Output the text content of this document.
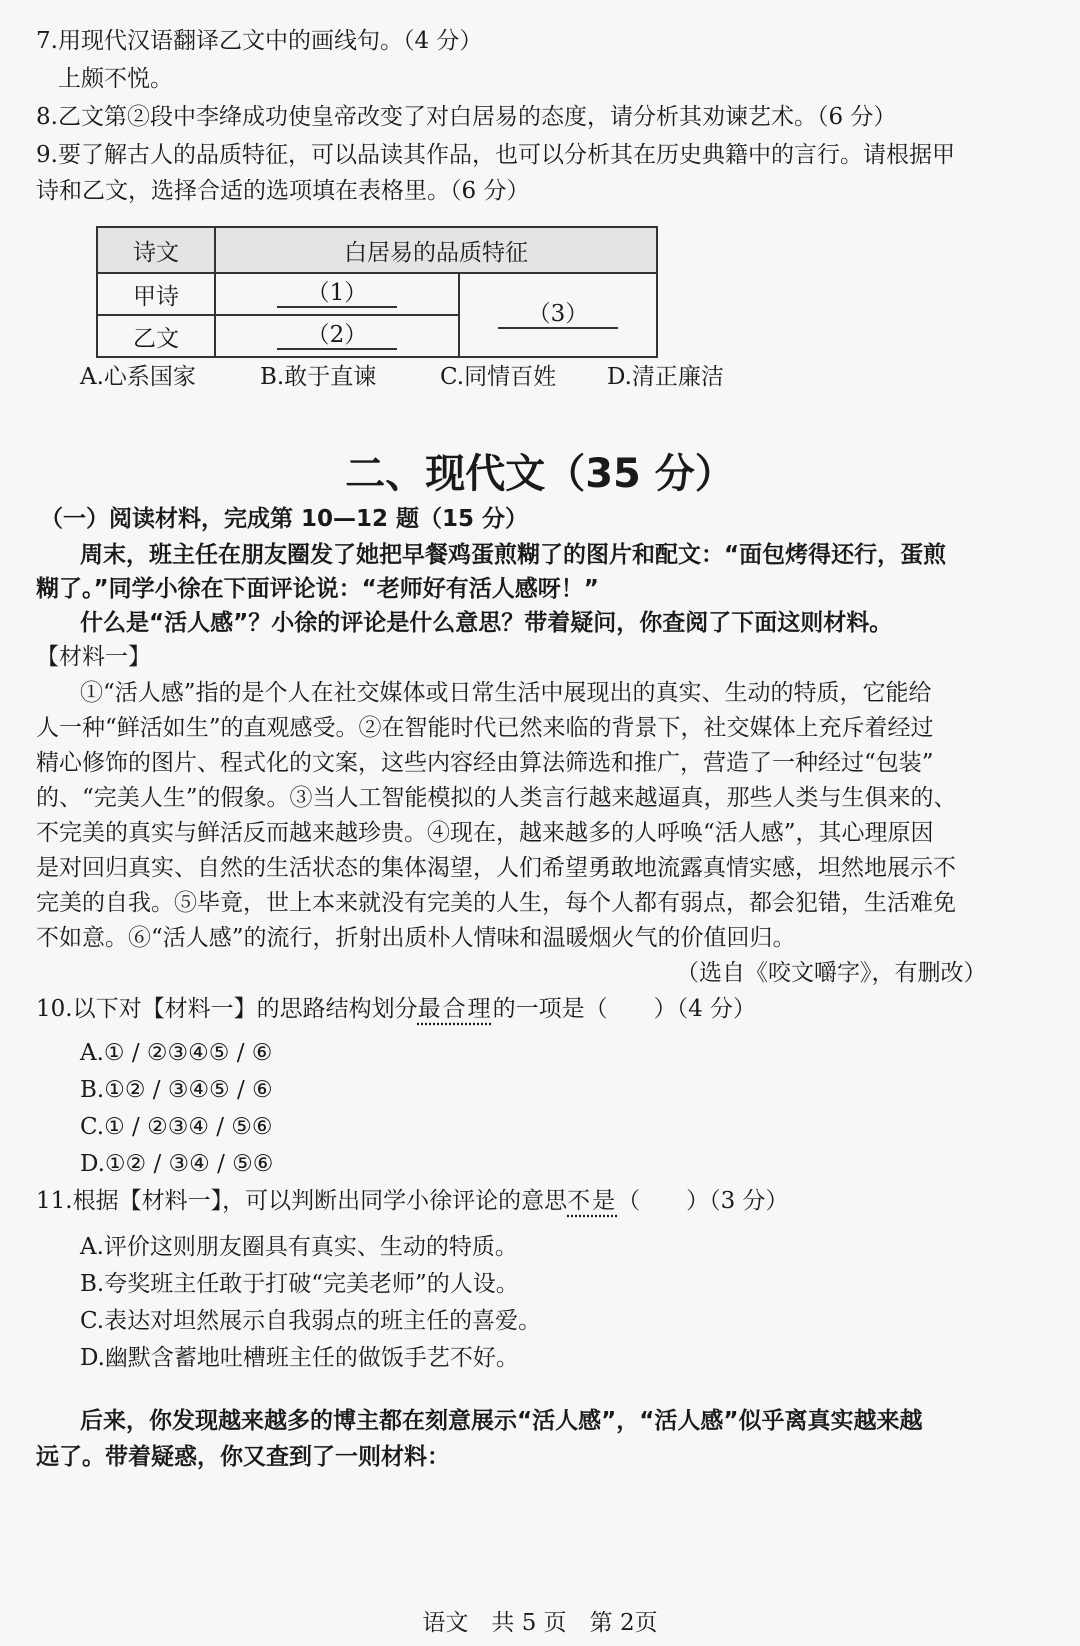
7.用现代汉语翻译乙文中的画线句。（4 分）
上颇不悦。
8.乙文第②段中李绛成功使皇帝改变了对白居易的态度，请分析其劝谏艺术。（6 分）
9.要了解古人的品质特征，可以品读其作品，也可以分析其在历史典籍中的言行。请根据甲
诗和乙文，选择合适的选项填在表格里。（6 分）
诗文	白居易的品质特征	
甲诗	（1）	（3）
乙文	（2）	
A.心系国家	B.敢于直谏	C.同情百姓 D.清正廉洁
二、现代文（35 分）
（一）阅读材料，完成第 10—12 题（15 分）
周末，班主任在朋友圈发了她把早餐鸡蛋煎糊了的图片和配文：“面包烤得还行，蛋煎
糊了。”同学小徐在下面评论说：“老师好有活人感呀！”
什么是“活人感”？小徐的评论是什么意思？带着疑问，你查阅了下面这则材料。
【材料一】
①“活人感”指的是个人在社交媒体或日常生活中展现出的真实、生动的特质，它能给
人一种“鲜活如生”的直观感受。②在智能时代已然来临的背景下，社交媒体上充斥着经过
精心修饰的图片、程式化的文案，这些内容经由算法筛选和推广，营造了一种经过“包装”
的、“完美人生”的假象。③当人工智能模拟的人类言行越来越逼真，那些人类与生俱来的、
不完美的真实与鲜活反而越来越珍贵。④现在，越来越多的人呼唤“活人感”，其心理原因
是对回归真实、自然的生活状态的集体渴望，人们希望勇敢地流露真情实感，坦然地展示不
完美的自我。⑤毕竟，世上本来就没有完美的人生，每个人都有弱点，都会犯错，生活难免
不如意。⑥“活人感”的流行，折射出质朴人情味和温暖烟火气的价值回归。
（选自《咬文嚼字》，有删改）
10.以下对【材料一】的思路结构划分最合理的一项是（　　）（4 分）
A.① / ②③④⑤ / ⑥
B.①② / ③④⑤ / ⑥
C.① / ②③④ / ⑤⑥
D.①② / ③④ / ⑤⑥
11.根据【材料一】，可以判断出同学小徐评论的意思不是（　　）（3 分）
A.评价这则朋友圈具有真实、生动的特质。
B.夸奖班主任敢于打破“完美老师”的人设。
C.表达对坦然展示自我弱点的班主任的喜爱。
D.幽默含蓄地吐槽班主任的做饭手艺不好。
后来，你发现越来越多的博主都在刻意展示“活人感”，“活人感”似乎离真实越来越
远了。带着疑惑，你又查到了一则材料：
语文　共 5 页　第 2页
